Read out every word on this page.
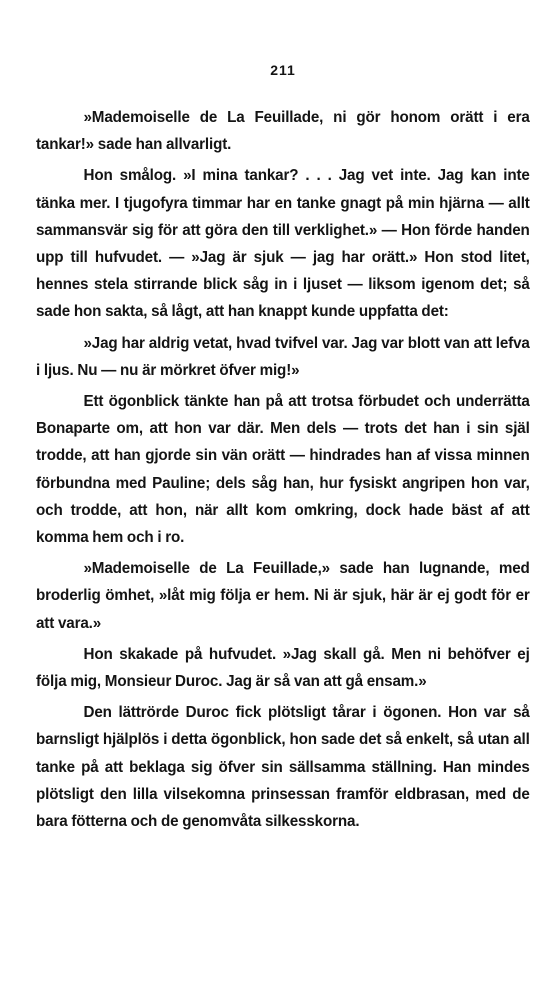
211

»Mademoiselle de La Feuillade, ni gör honom orätt i era tankar!» sade han allvarligt.

Hon smålog. »I mina tankar? . . . Jag vet inte. Jag kan inte tänka mer. I tjugofyra timmar har en tanke gnagt på min hjärna — allt sammansvär sig för att göra den till verklighet.» — Hon förde handen upp till hufvudet. — »Jag är sjuk — jag har orätt.» Hon stod litet, hennes stela stirrande blick såg in i ljuset — liksom igenom det; så sade hon sakta, så lågt, att han knappt kunde uppfatta det:

»Jag har aldrig vetat, hvad tvifvel var. Jag var blott van att lefva i ljus. Nu — nu är mörkret öfver mig!»

Ett ögonblick tänkte han på att trotsa förbudet och underrätta Bonaparte om, att hon var där. Men dels — trots det han i sin själ trodde, att han gjorde sin vän orätt — hindrades han af vissa minnen förbundna med Pauline; dels såg han, hur fysiskt angripen hon var, och trodde, att hon, när allt kom omkring, dock hade bäst af att komma hem och i ro.

»Mademoiselle de La Feuillade,» sade han lugnande, med broderlig ömhet, »låt mig följa er hem. Ni är sjuk, här är ej godt för er att vara.»

Hon skakade på hufvudet. »Jag skall gå. Men ni behöfver ej följa mig, Monsieur Duroc. Jag är så van att gå ensam.»

Den lättrörde Duroc fick plötsligt tårar i ögonen. Hon var så barnsligt hjälplös i detta ögonblick, hon sade det så enkelt, så utan all tanke på att beklaga sig öfver sin sällsamma ställning. Han mindes plötsligt den lilla vilsekomna prinsessan framför eldbrasan, med de bara fötterna och de genomvåta silkesskorna.
